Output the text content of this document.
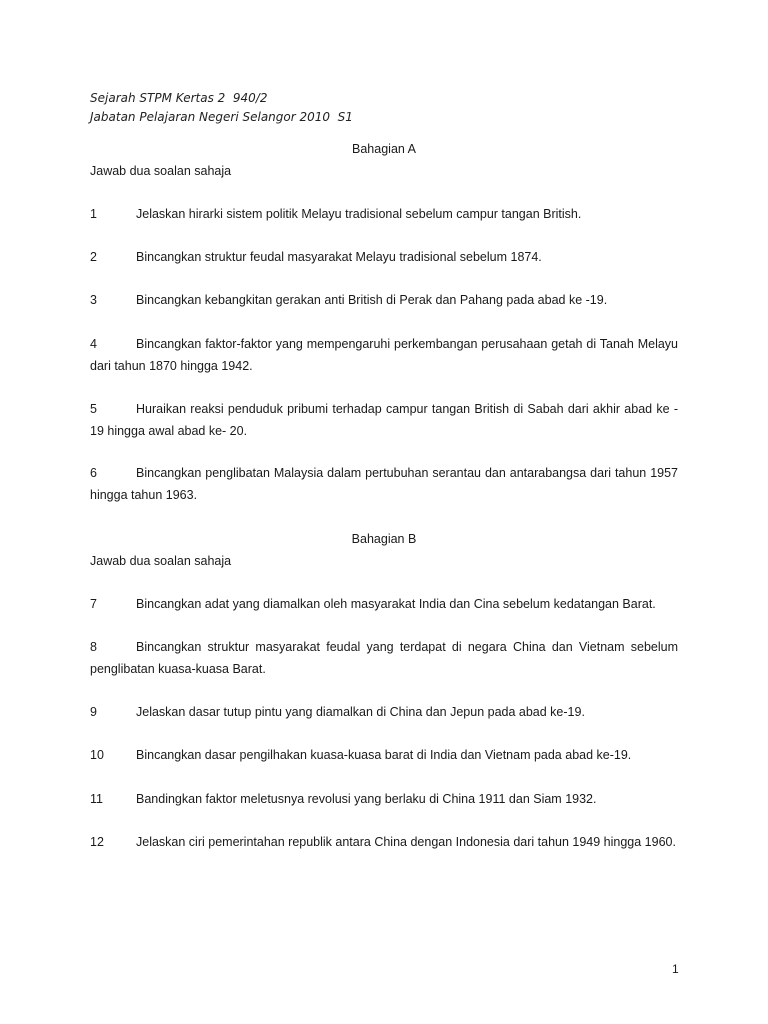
Sejarah STPM Kertas 2  940/2
Jabatan Pelajaran Negeri Selangor 2010  S1
Bahagian A
Jawab dua soalan sahaja
1	Jelaskan hirarki sistem politik Melayu tradisional sebelum campur tangan British.
2	Bincangkan struktur feudal masyarakat Melayu tradisional sebelum 1874.
3	Bincangkan kebangkitan gerakan anti British di Perak dan Pahang pada abad ke -19.
4	Bincangkan faktor-faktor yang mempengaruhi perkembangan perusahaan getah di Tanah Melayu dari tahun 1870 hingga 1942.
5	Huraikan reaksi penduduk pribumi terhadap campur tangan British di Sabah dari akhir abad ke - 19 hingga awal abad ke- 20.
6	Bincangkan penglibatan Malaysia dalam pertubuhan serantau dan antarabangsa dari tahun 1957 hingga tahun 1963.
Bahagian B
Jawab dua soalan sahaja
7	Bincangkan adat yang diamalkan oleh masyarakat India dan Cina sebelum kedatangan Barat.
8	Bincangkan struktur masyarakat feudal yang terdapat di negara China dan Vietnam sebelum penglibatan kuasa-kuasa Barat.
9	Jelaskan dasar tutup pintu yang diamalkan di China dan Jepun pada abad ke-19.
10	Bincangkan dasar pengilhakan kuasa-kuasa barat di India dan Vietnam pada abad ke-19.
11	Bandingkan faktor meletusnya revolusi yang berlaku di China 1911 dan Siam 1932.
12	Jelaskan ciri pemerintahan republik antara China dengan Indonesia dari tahun 1949 hingga 1960.
1
